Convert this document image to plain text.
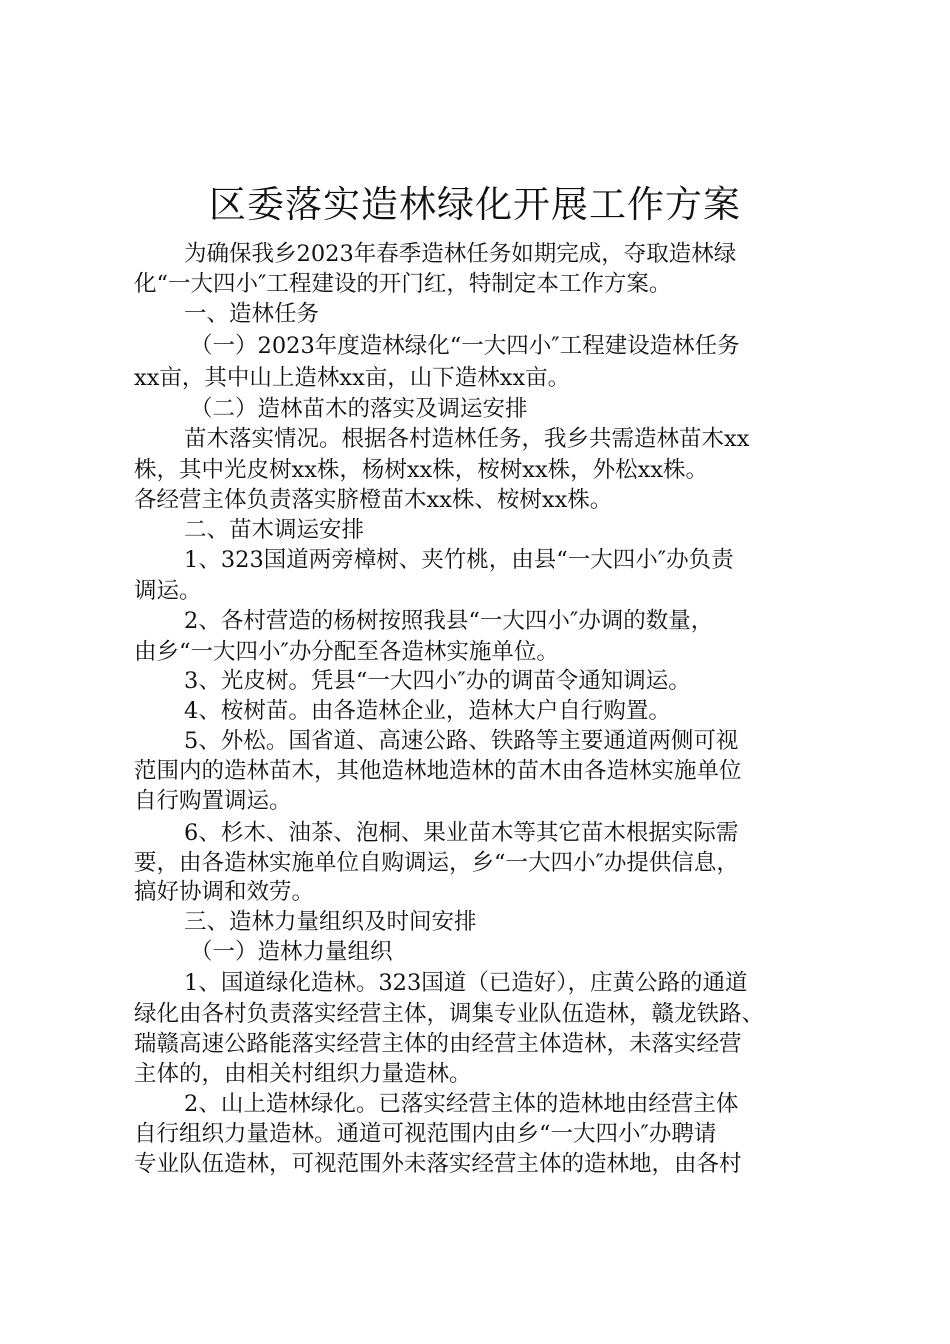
区委落实造林绿化开展工作方案
为确保我乡2023年春季造林任务如期完成，夺取造林绿
化“一大四小″工程建设的开门红，特制定本工作方案。
一、造林任务
（一）2023年度造林绿化“一大四小″工程建设造林任务
xx亩，其中山上造林xx亩，山下造林xx亩。
（二）造林苗木的落实及调运安排
苗木落实情况。根据各村造林任务，我乡共需造林苗木xx
株，其中光皮树xx株，杨树xx株，桉树xx株，外松xx株。
各经营主体负责落实脐橙苗木xx株、桉树xx株。
二、苗木调运安排
1、323国道两旁樟树、夹竹桃，由县“一大四小″办负责
调运。
2、各村营造的杨树按照我县“一大四小″办调的数量，
由乡“一大四小″办分配至各造林实施单位。
3、光皮树。凭县“一大四小″办的调苗令通知调运。
4、桉树苗。由各造林企业，造林大户自行购置。
5、外松。国省道、高速公路、铁路等主要通道两侧可视
范围内的造林苗木，其他造林地造林的苗木由各造林实施单位
自行购置调运。
6、杉木、油茶、泡桐、果业苗木等其它苗木根据实际需
要，由各造林实施单位自购调运，乡“一大四小″办提供信息，
搞好协调和效劳。
三、造林力量组织及时间安排
（一）造林力量组织
1、国道绿化造林。323国道（已造好），庄黄公路的通道
绿化由各村负责落实经营主体，调集专业队伍造林，赣龙铁路、
瑞赣高速公路能落实经营主体的由经营主体造林，未落实经营
主体的，由相关村组织力量造林。
2、山上造林绿化。已落实经营主体的造林地由经营主体
自行组织力量造林。通道可视范围内由乡“一大四小″办聘请
专业队伍造林，可视范围外未落实经营主体的造林地，由各村
